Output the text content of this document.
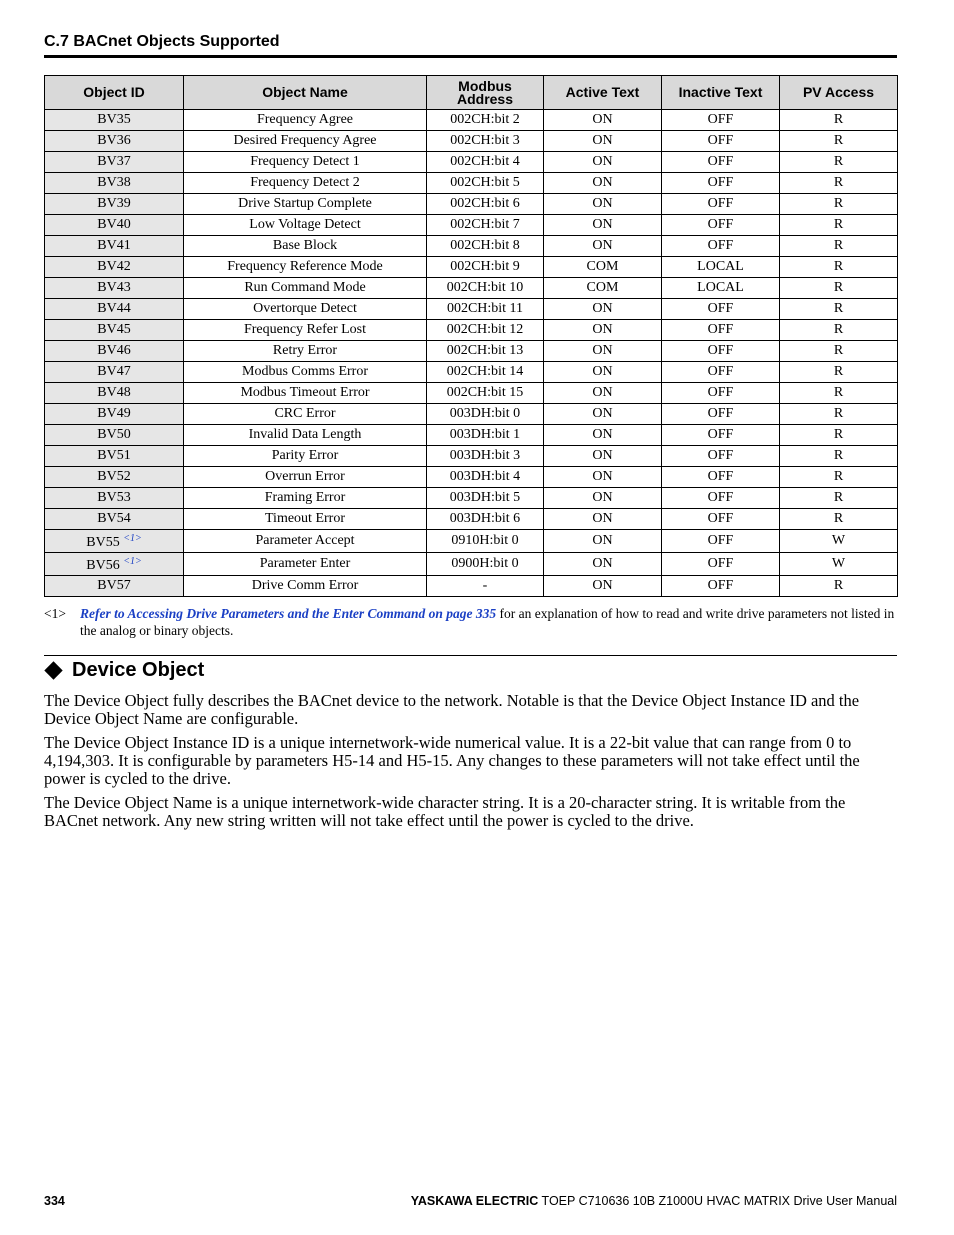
C.7 BACnet Objects Supported
Object ID	Object Name	Modbus Address	Active Text	Inactive Text	PV Access
BV35	Frequency Agree	002CH:bit 2	ON	OFF	R
BV36	Desired Frequency Agree	002CH:bit 3	ON	OFF	R
BV37	Frequency Detect 1	002CH:bit 4	ON	OFF	R
BV38	Frequency Detect 2	002CH:bit 5	ON	OFF	R
BV39	Drive Startup Complete	002CH:bit 6	ON	OFF	R
BV40	Low Voltage Detect	002CH:bit 7	ON	OFF	R
BV41	Base Block	002CH:bit 8	ON	OFF	R
BV42	Frequency Reference Mode	002CH:bit 9	COM	LOCAL	R
BV43	Run Command Mode	002CH:bit 10	COM	LOCAL	R
BV44	Overtorque Detect	002CH:bit 11	ON	OFF	R
BV45	Frequency Refer Lost	002CH:bit 12	ON	OFF	R
BV46	Retry Error	002CH:bit 13	ON	OFF	R
BV47	Modbus Comms Error	002CH:bit 14	ON	OFF	R
BV48	Modbus Timeout Error	002CH:bit 15	ON	OFF	R
BV49	CRC Error	003DH:bit 0	ON	OFF	R
BV50	Invalid Data Length	003DH:bit 1	ON	OFF	R
BV51	Parity Error	003DH:bit 3	ON	OFF	R
BV52	Overrun Error	003DH:bit 4	ON	OFF	R
BV53	Framing Error	003DH:bit 5	ON	OFF	R
BV54	Timeout Error	003DH:bit 6	ON	OFF	R
BV55 $^{<1>}$	Parameter Accept	0910H:bit 0	ON	OFF	W
BV56 $^{<1>}$	Parameter Enter	0900H:bit 0	ON	OFF	W
BV57	Drive Comm Error	-	ON	OFF	R
<1> Refer to Accessing Drive Parameters and the Enter Command on page 335 for an explanation of how to read and write drive parameters not listed in the analog or binary objects.
Device Object

The Device Object fully describes the BACnet device to the network. Notable is that the Device Object Instance ID and the Device Object Name are configurable.

The Device Object Instance ID is a unique internetwork-wide numerical value. It is a 22-bit value that can range from 0 to 4,194,303. It is configurable by parameters H5-14 and H5-15. Any changes to these parameters will not take effect until the power is cycled to the drive.

The Device Object Name is a unique internetwork-wide character string. It is a 20-character string. It is writable from the BACnet network. Any new string written will not take effect until the power is cycled to the drive.

334	YASKAWA ELECTRIC TOEP C710636 10B Z1000U HVAC MATRIX Drive User Manual
